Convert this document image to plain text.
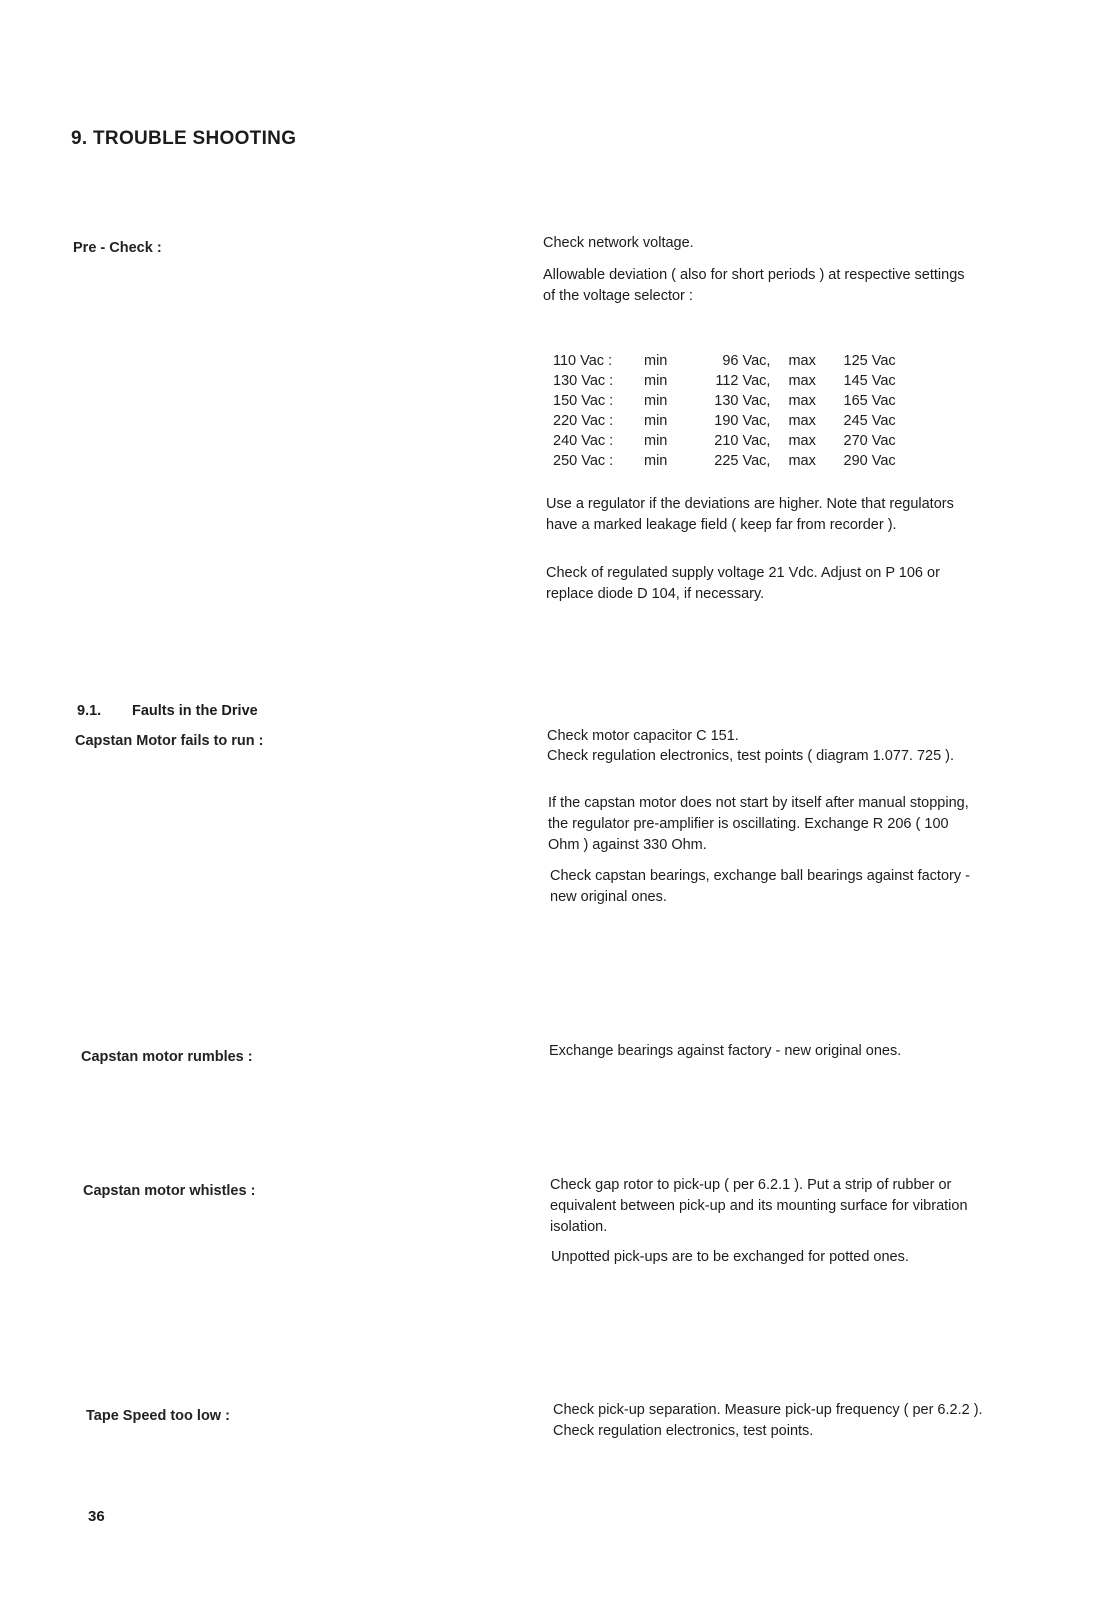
9. TROUBLE SHOOTING
Pre - Check :	Check network voltage.

Allowable deviation ( also for short periods ) at respective settings of the voltage selector :

110 Vac :	min	96 Vac,	max	125 Vac
130 Vac :	min	112 Vac,	max	145 Vac
150 Vac :	min	130 Vac,	max	165 Vac
220 Vac :	min	190 Vac,	max	245 Vac
240 Vac :	min	210 Vac,	max	270 Vac
250 Vac :	min	225 Vac,	max	290 Vac

Use a regulator if the deviations are higher. Note that regulators have a marked leakage field ( keep far from recorder ).

Check of regulated supply voltage 21 Vdc. Adjust on P 106 or replace diode D 104, if necessary.

9.1. Faults in the Drive
Capstan Motor fails to run :	Check motor capacitor C 151.

Check regulation electronics, test points ( diagram 1.077. 725 ).

If the capstan motor does not start by itself after manual stopping, the regulator pre-amplifier is oscillating. Exchange R 206 ( 100 Ohm ) against 330 Ohm.

Check capstan bearings, exchange ball bearings against factory - new original ones.

Capstan motor rumbles :	Exchange bearings against factory - new original ones.

Capstan motor whistles :	Check gap rotor to pick-up ( per 6.2.1 ). Put a strip of rubber or equivalent between pick-up and its mounting surface for vibration isolation.

Unpotted pick-ups are to be exchanged for potted ones.

Tape Speed too low :	Check pick-up separation. Measure pick-up frequency ( per 6.2.2 ). Check regulation electronics, test points.

36
